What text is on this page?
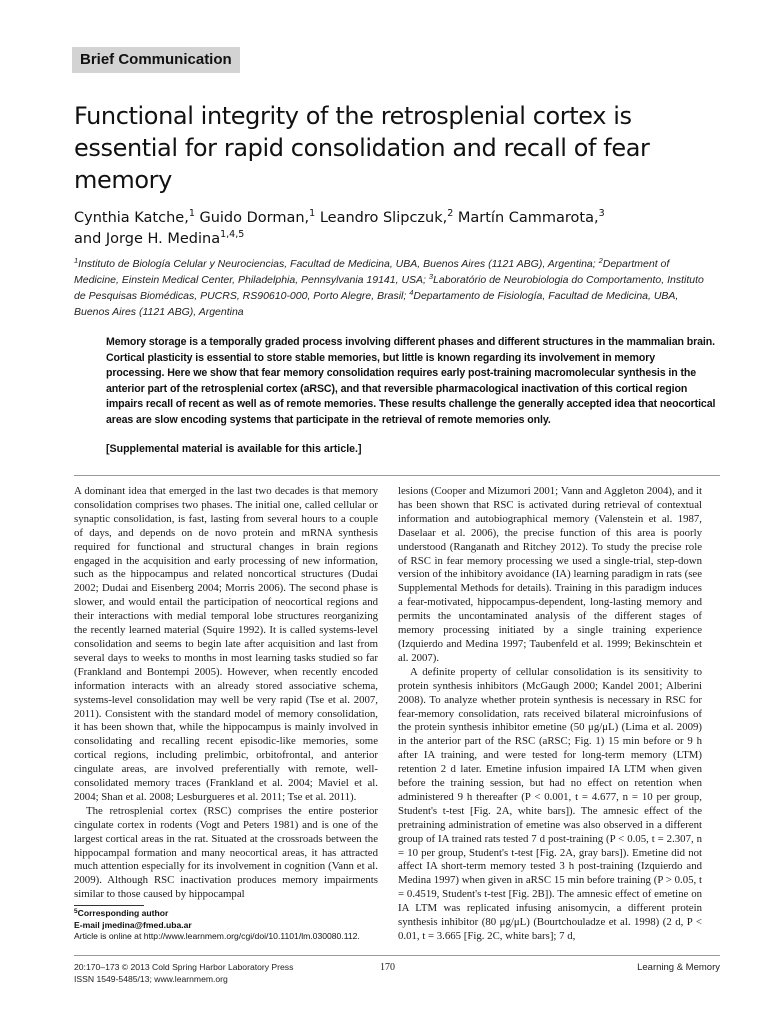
Brief Communication
Functional integrity of the retrosplenial cortex is essential for rapid consolidation and recall of fear memory
Cynthia Katche,$^1$ Guido Dorman,$^1$ Leandro Slipczuk,$^2$ Martín Cammarota,$^3$
and Jorge H. Medina$^{1,4,5}$
$^1$Instituto de Biología Celular y Neurociencias, Facultad de Medicina, UBA, Buenos Aires (1121 ABG), Argentina; $^2$Department of Medicine, Einstein Medical Center, Philadelphia, Pennsylvania 19141, USA; $^3$Laboratório de Neurobiologia do Comportamento, Instituto de Pesquisas Biomédicas, PUCRS, RS90610-000, Porto Alegre, Brasil; $^4$Departamento de Fisiología, Facultad de Medicina, UBA, Buenos Aires (1121 ABG), Argentina
Memory storage is a temporally graded process involving different phases and different structures in the mammalian brain. Cortical plasticity is essential to store stable memories, but little is known regarding its involvement in memory processing. Here we show that fear memory consolidation requires early post-training macromolecular synthesis in the anterior part of the retrosplenial cortex (aRSC), and that reversible pharmacological inactivation of this cortical region impairs recall of recent as well as of remote memories. These results challenge the generally accepted idea that neocortical areas are slow encoding systems that participate in the retrieval of remote memories only.
[Supplemental material is available for this article.]

A dominant idea that emerged in the last two decades is that memory consolidation comprises two phases. The initial one, called cellular or synaptic consolidation, is fast, lasting from several hours to a couple of days, and depends on de novo protein and mRNA synthesis required for functional and structural changes in brain regions engaged in the acquisition and early processing of new information, such as the hippocampus and related noncortical structures (Dudai 2002; Dudai and Eisenberg 2004; Morris 2006). The second phase is slower, and would entail the participation of neocortical regions and their interactions with medial temporal lobe structures reorganizing the recently learned material (Squire 1992). It is called systems-level consolidation and seems to begin late after acquisition and last from several days to weeks to months in most learning tasks studied so far (Frankland and Bontempi 2005). However, when recently encoded information interacts with an already stored associative schema, systems-level consolidation may well be very rapid (Tse et al. 2007, 2011). Consistent with the standard model of memory consolidation, it has been shown that, while the hippocampus is mainly involved in consolidating and recalling recent episodic-like memories, some cortical regions, including prelimbic, orbitofrontal, and anterior cingulate areas, are involved preferentially with remote, well-consolidated memory traces (Frankland et al. 2004; Maviel et al. 2004; Shan et al. 2008; Lesburgueres et al. 2011; Tse et al. 2011).

The retrosplenial cortex (RSC) comprises the entire posterior cingulate cortex in rodents (Vogt and Peters 1981) and is one of the largest cortical areas in the rat. Situated at the crossroads between the hippocampal formation and many neocortical areas, it has attracted much attention especially for its involvement in cognition (Vann et al. 2009). Although RSC inactivation produces memory impairments similar to those caused by hippocampal

lesions (Cooper and Mizumori 2001; Vann and Aggleton 2004), and it has been shown that RSC is activated during retrieval of contextual information and autobiographical memory (Valenstein et al. 1987, Daselaar et al. 2006), the precise function of this area is poorly understood (Ranganath and Ritchey 2012). To study the precise role of RSC in fear memory processing we used a single-trial, step-down version of the inhibitory avoidance (IA) learning paradigm in rats (see Supplemental Methods for details). Training in this paradigm induces a fear-motivated, hippocampus-dependent, long-lasting memory and permits the uncontaminated analysis of the different stages of memory processing initiated by a single training experience (Izquierdo and Medina 1997; Taubenfeld et al. 1999; Bekinschtein et al. 2007).

A definite property of cellular consolidation is its sensitivity to protein synthesis inhibitors (McGaugh 2000; Kandel 2001; Alberini 2008). To analyze whether protein synthesis is necessary in RSC for fear-memory consolidation, rats received bilateral microinfusions of the protein synthesis inhibitor emetine (50 μg/μL) (Lima et al. 2009) in the anterior part of the RSC (aRSC; Fig. 1) 15 min before or 9 h after IA training, and were tested for long-term memory (LTM) retention 2 d later. Emetine infusion impaired IA LTM when given before the training session, but had no effect on retention when administered 9 h thereafter (P < 0.001, t = 4.677, n = 10 per group, Student's t-test [Fig. 2A, white bars]). The amnesic effect of the pretraining administration of emetine was also observed in a different group of IA trained rats tested 7 d post-training (P < 0.05, t = 2.307, n = 10 per group, Student's t-test [Fig. 2A, gray bars]). Emetine did not affect IA short-term memory tested 3 h post-training (Izquierdo and Medina 1997) when given in aRSC 15 min before training (P > 0.05, t = 0.4519, Student's t-test [Fig. 2B]). The amnesic effect of emetine on IA LTM was replicated infusing anisomycin, a different protein synthesis inhibitor (80 μg/μL) (Bourtchouladze et al. 1998) (2 d, P < 0.01, t = 3.665 [Fig. 2C, white bars]; 7 d,

$^5$Corresponding author
E-mail jmedina@fmed.uba.ar
Article is online at http://www.learnmem.org/cgi/doi/10.1101/lm.030080.112.
20:170–173 © 2013 Cold Spring Harbor Laboratory Press
ISSN 1549-5485/13; www.learnmem.org
170	Learning & Memory
